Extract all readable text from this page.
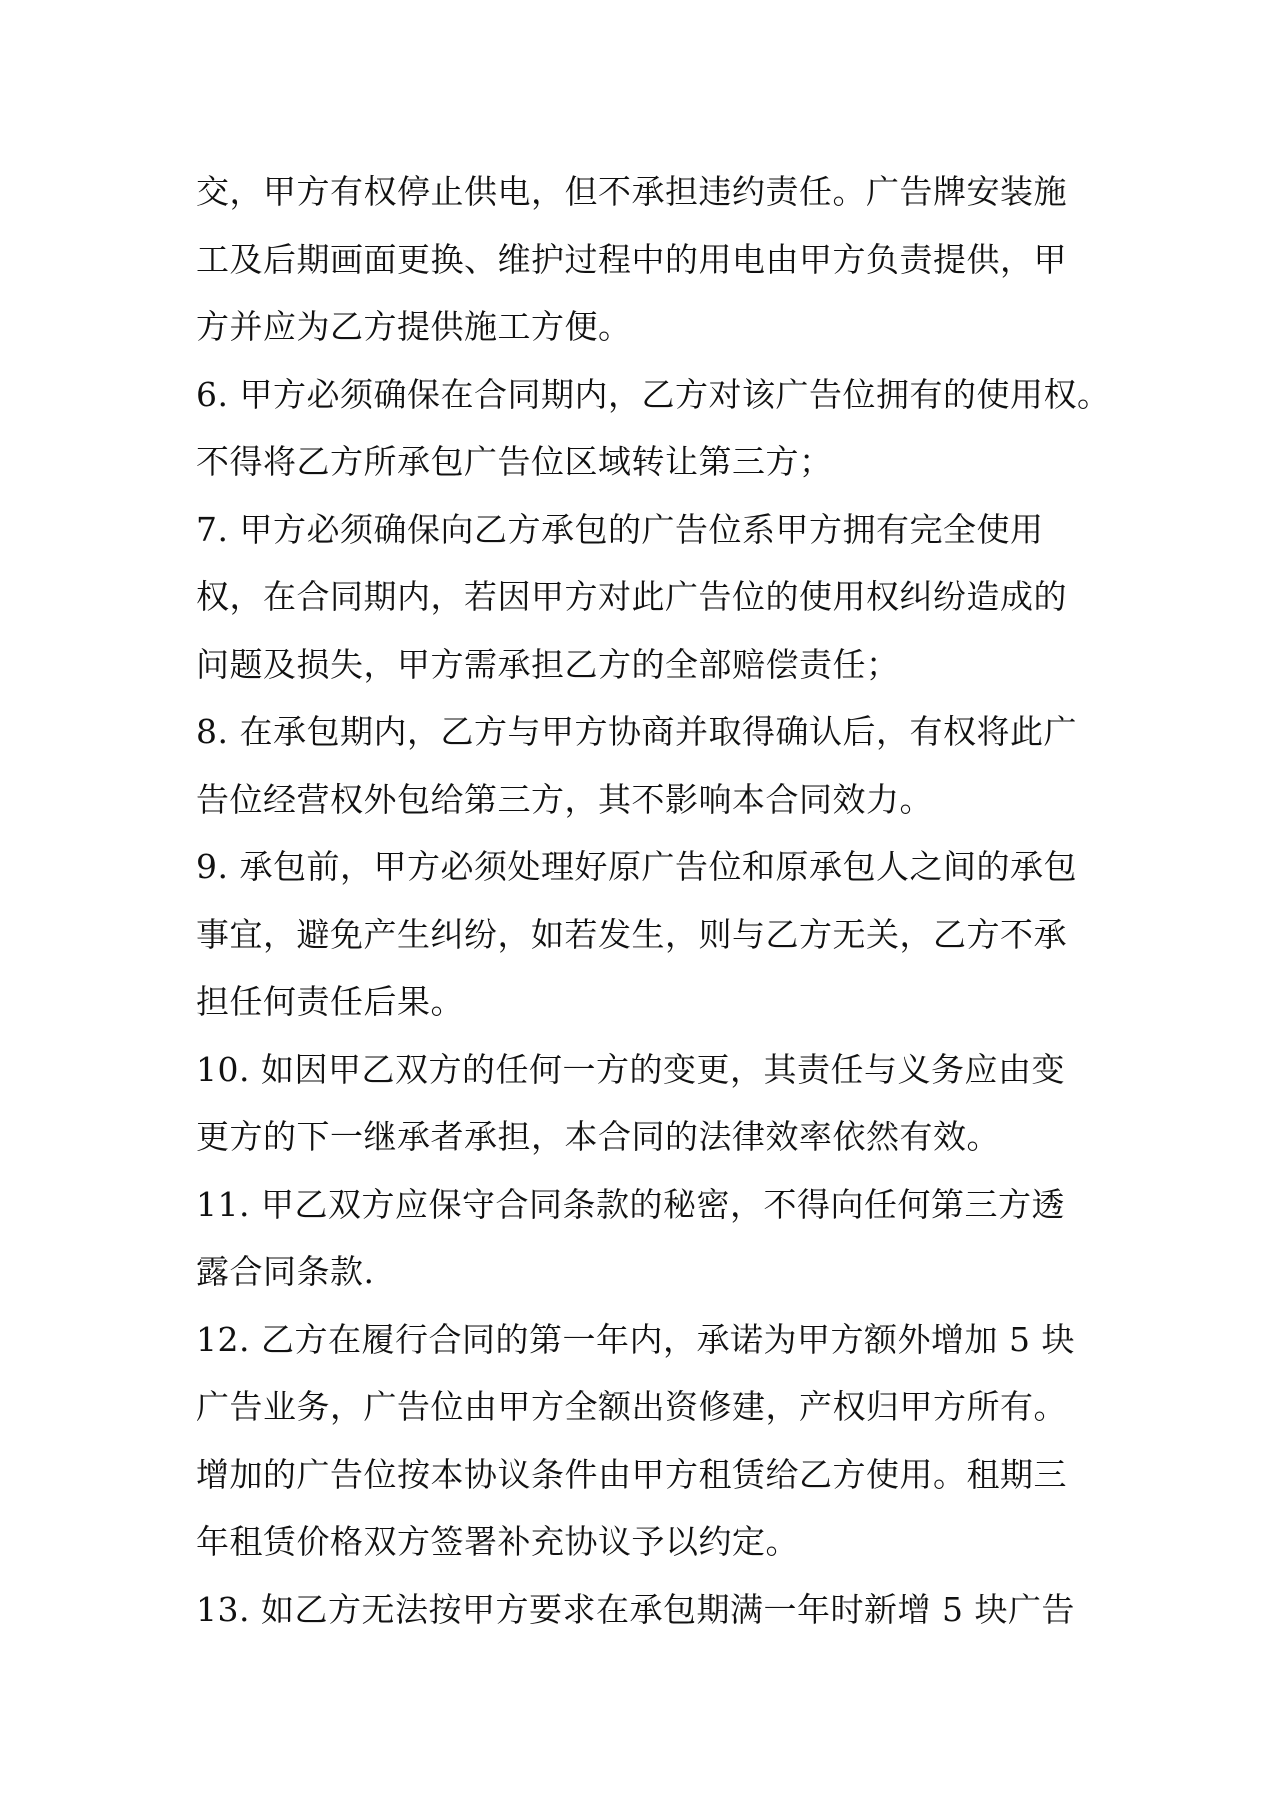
交，甲方有权停止供电，但不承担违约责任。广告牌安装施
工及后期画面更换、维护过程中的用电由甲方负责提供，甲
方并应为乙方提供施工方便。
6. 甲方必须确保在合同期内，乙方对该广告位拥有的使用权。
不得将乙方所承包广告位区域转让第三方；
7. 甲方必须确保向乙方承包的广告位系甲方拥有完全使用
权，在合同期内，若因甲方对此广告位的使用权纠纷造成的
问题及损失，甲方需承担乙方的全部赔偿责任；
8. 在承包期内，乙方与甲方协商并取得确认后，有权将此广
告位经营权外包给第三方，其不影响本合同效力。
9. 承包前，甲方必须处理好原广告位和原承包人之间的承包
事宜，避免产生纠纷，如若发生，则与乙方无关，乙方不承
担任何责任后果。
10. 如因甲乙双方的任何一方的变更，其责任与义务应由变
更方的下一继承者承担，本合同的法律效率依然有效。
11. 甲乙双方应保守合同条款的秘密，不得向任何第三方透
露合同条款.
12. 乙方在履行合同的第一年内，承诺为甲方额外增加 5 块
广告业务，广告位由甲方全额出资修建，产权归甲方所有。
增加的广告位按本协议条件由甲方租赁给乙方使用。租期三
年租赁价格双方签署补充协议予以约定。
13. 如乙方无法按甲方要求在承包期满一年时新增 5 块广告
